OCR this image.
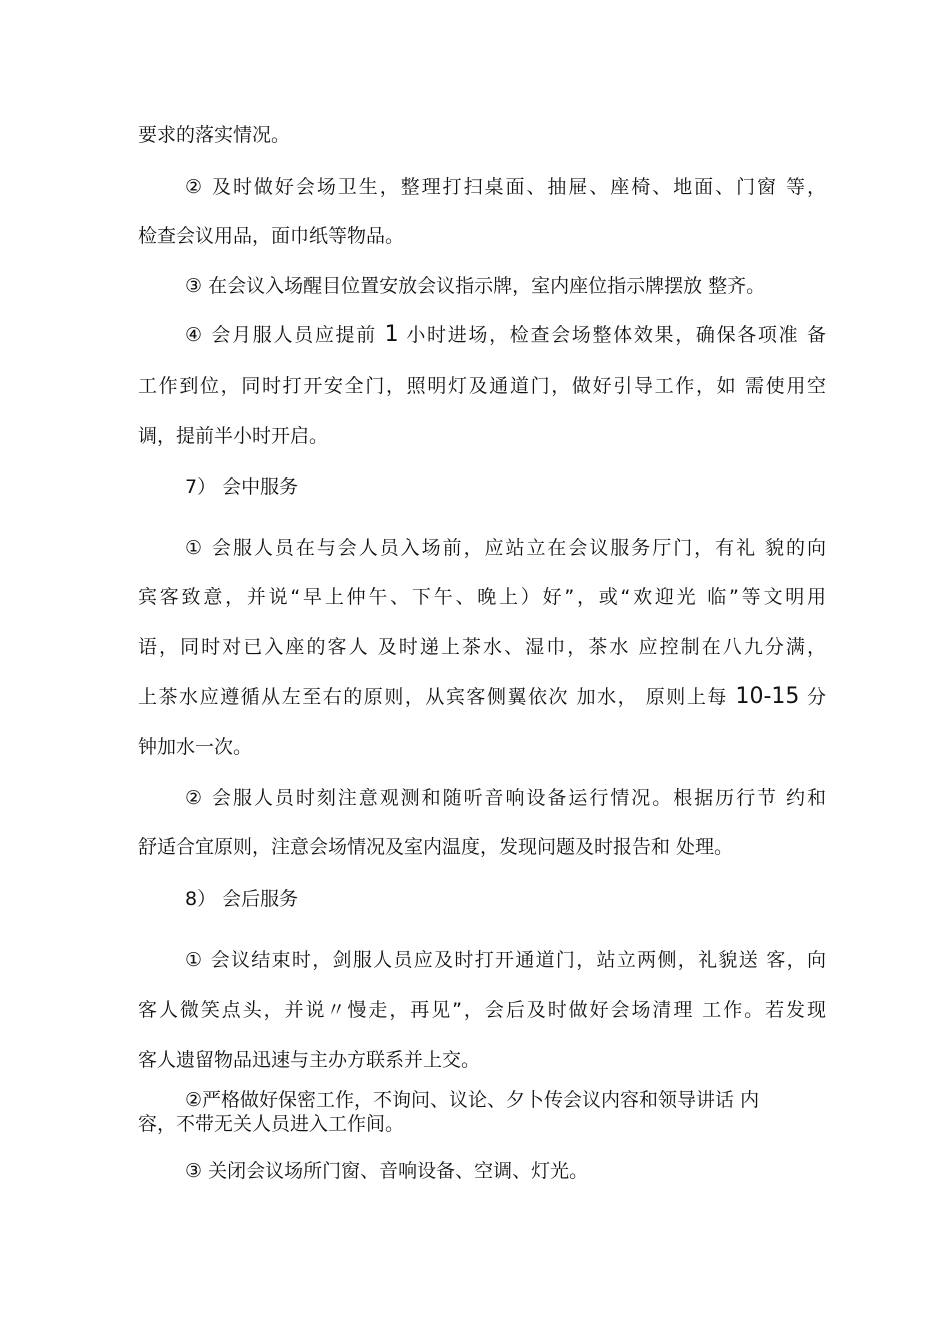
要求的落实情况。

② 及时做好会场卫生，整理打扫桌面、抽屉、座椅、地面、门窗 等，

检查会议用品，面巾纸等物品。

③ 在会议入场醒目位置安放会议指示牌，室内座位指示牌摆放 整齐。

④ 会月服人员应提前 1 小时进场，检查会场整体效果，确保各项准 备

工作到位，同时打开安全门，照明灯及通道门，做好引导工作，如 需使用空

调，提前半小时开启。

7） 会中服务

① 会服人员在与会人员入场前，应站立在会议服务厅门，有礼 貌的向

宾客致意，并说“早上仲午、下午、晚上）好”，或“欢迎光 临”等文明用

语，同时对已入座的客人 及时递上茶水、湿巾，茶水 应控制在八九分满，

上茶水应遵循从左至右的原则，从宾客侧翼依次 加水， 原则上每 10-15 分

钟加水一次。

② 会服人员时刻注意观测和随听音响设备运行情况。根据历行节 约和

舒适合宜原则，注意会场情况及室内温度，发现问题及时报告和 处理。

8） 会后服务

① 会议结束时，剑服人员应及时打开通道门，站立两侧，礼貌送 客，向

客人微笑点头，并说〃慢走，再见”，会后及时做好会场清理 工作。若发现

客人遗留物品迅速与主办方联系并上交。

②严格做好保密工作，不询问、议论、夕卜传会议内容和领导讲话 内

容，不带无关人员进入工作间。

③ 关闭会议场所门窗、音响设备、空调、灯光。
